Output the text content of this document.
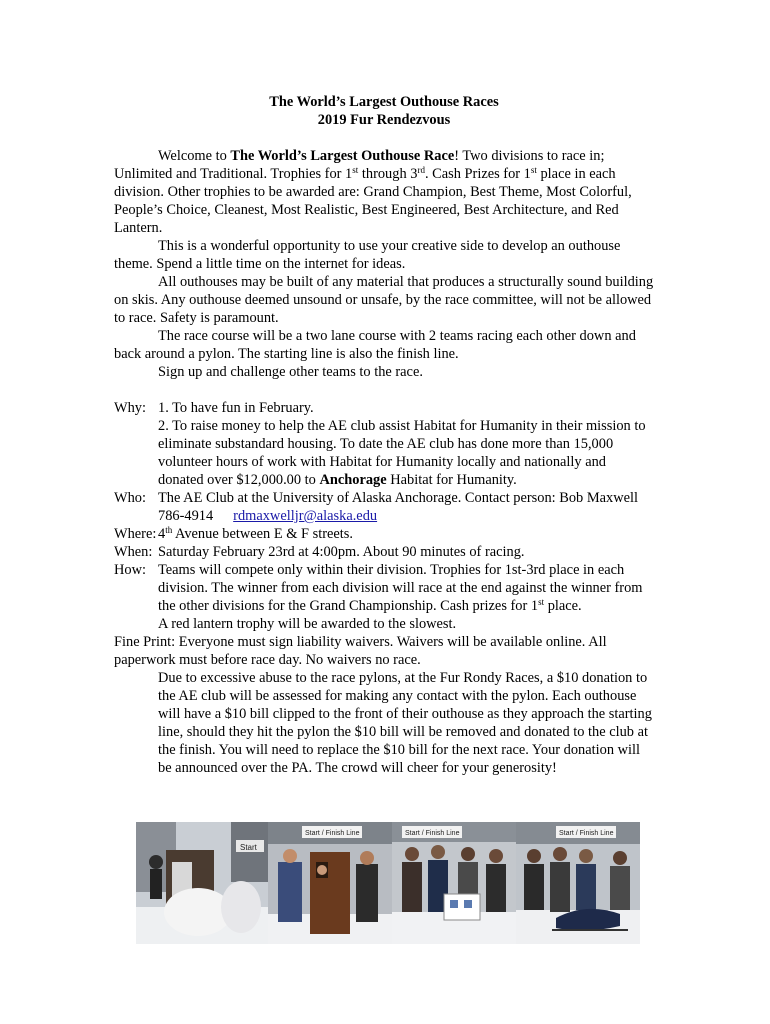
The World’s Largest Outhouse Races

2019 Fur Rendezvous

Welcome to The World’s Largest Outhouse Race! Two divisions to race in; Unlimited and Traditional. Trophies for 1st through 3rd. Cash Prizes for 1st place in each division. Other trophies to be awarded are: Grand Champion, Best Theme, Most Colorful, People’s Choice, Cleanest, Most Realistic, Best Engineered, Best Architecture, and Red Lantern.

This is a wonderful opportunity to use your creative side to develop an outhouse theme. Spend a little time on the internet for ideas.

All outhouses may be built of any material that produces a structurally sound building on skis. Any outhouse deemed unsound or unsafe, by the race committee, will not be allowed to race. Safety is paramount.

The race course will be a two lane course with 2 teams racing each other down and back around a pylon. The starting line is also the finish line.

Sign up and challenge other teams to the race.

Why: 1. To have fun in February.

2. To raise money to help the AE club assist Habitat for Humanity in their mission to eliminate substandard housing. To date the AE club has done more than 15,000 volunteer hours of work with Habitat for Humanity locally and nationally and donated over $12,000.00 to Anchorage Habitat for Humanity.

Who: The AE Club at the University of Alaska Anchorage. Contact person: Bob Maxwell 786-4914 rdmaxwelljr@alaska.edu
Where: 4th Avenue between E & F streets.
When: Saturday February 23rd at 4:00pm. About 90 minutes of racing.
How: Teams will compete only within their division. Trophies for 1st-3rd place in each division. The winner from each division will race at the end against the winner from the other divisions for the Grand Championship. Cash prizes for 1st place.

A red lantern trophy will be awarded to the slowest.

Fine Print: Everyone must sign liability waivers. Waivers will be available online. All paperwork must before race day. No waivers no race.

Due to excessive abuse to the race pylons, at the Fur Rondy Races, a $10 donation to the AE club will be assessed for making any contact with the pylon. Each outhouse will have a $10 bill clipped to the front of their outhouse as they approach the starting line, should they hit the pylon the $10 bill will be removed and donated to the club at the finish. You will need to replace the $10 bill for the next race. Your donation will be announced over the PA. The crowd will cheer for your generosity!

Start
Start / Finish Line	Start / Finish Line	Start / Finish Line
